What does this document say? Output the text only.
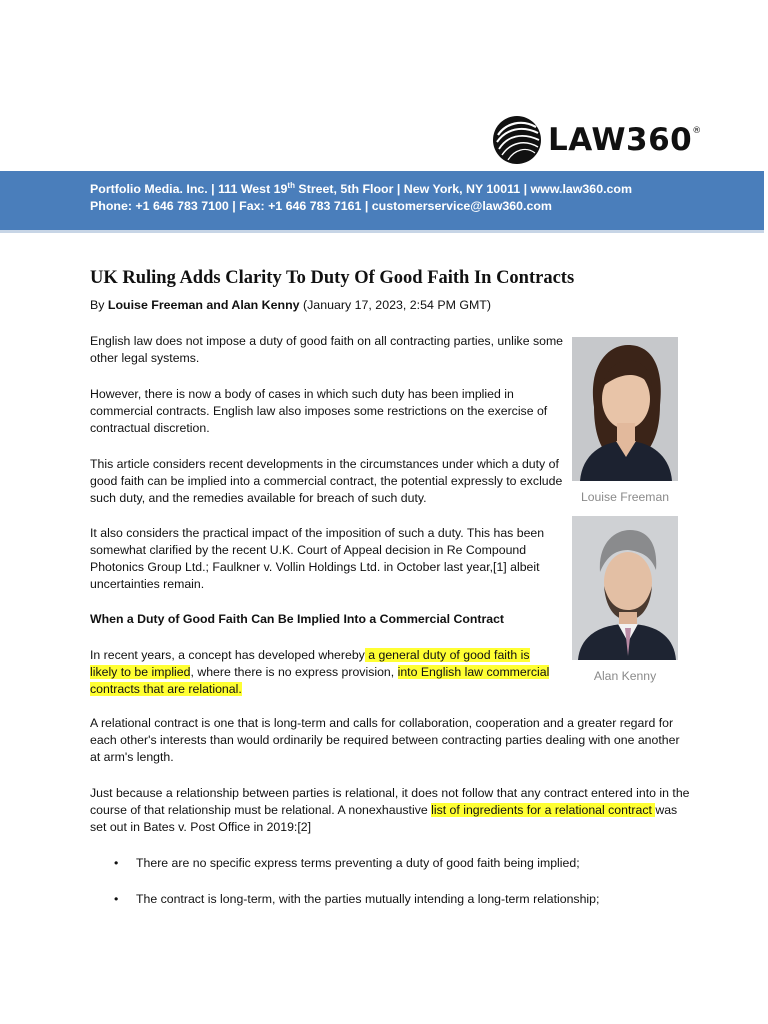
LAW360®
Portfolio Media. Inc. | 111 West 19th Street, 5th Floor | New York, NY 10011 | www.law360.com
Phone: +1 646 783 7100 | Fax: +1 646 783 7161 | customerservice@law360.com
UK Ruling Adds Clarity To Duty Of Good Faith In Contracts
By Louise Freeman and Alan Kenny (January 17, 2023, 2:54 PM GMT)

English law does not impose a duty of good faith on all contracting parties, unlike some other legal systems.

However, there is now a body of cases in which such duty has been implied in commercial contracts. English law also imposes some restrictions on the exercise of contractual discretion.

This article considers recent developments in the circumstances under which a duty of good faith can be implied into a commercial contract, the potential expressly to exclude such duty, and the remedies available for breach of such duty.

It also considers the practical impact of the imposition of such a duty. This has been somewhat clarified by the recent U.K. Court of Appeal decision in Re Compound Photonics Group Ltd.; Faulkner v. Vollin Holdings Ltd. in October last year,[1] albeit uncertainties remain.

When a Duty of Good Faith Can Be Implied Into a Commercial Contract

In recent years, a concept has developed whereby a general duty of good faith is likely to be implied, where there is no express provision, into English law commercial contracts that are relational.

A relational contract is one that is long-term and calls for collaboration, cooperation and a greater regard for each other's interests than would ordinarily be required between contracting parties dealing with one another at arm's length.

Just because a relationship between parties is relational, it does not follow that any contract entered into in the course of that relationship must be relational. A nonexhaustive list of ingredients for a relational contract was set out in Bates v. Post Office in 2019:[2]

• There are no specific express terms preventing a duty of good faith being implied;
• The contract is long-term, with the parties mutually intending a long-term relationship;
Louise Freeman
Alan Kenny
